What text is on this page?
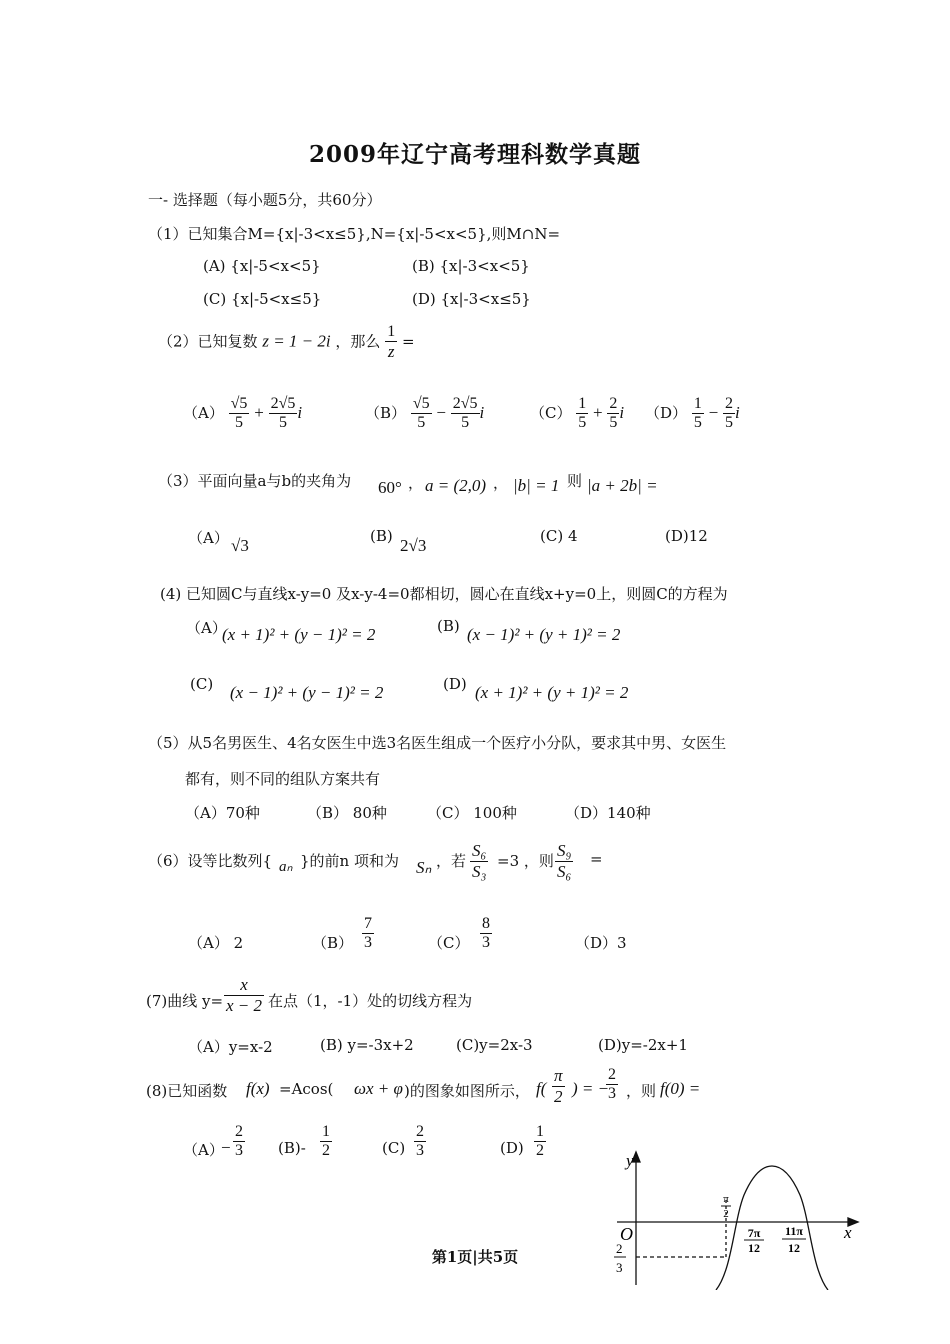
2009年辽宁高考理科数学真题
一- 选择题（每小题5分，共60分）
（1）已知集合M={x|-3<x≤5},N={x|-5<x<5},则M∩N=
(A) {x|-5<x<5}	(B) {x|-3<x<5}
(C) {x|-5<x≤5}	(D) {x|-3<x≤5}
（2）已知复数 z = 1 − 2i ，那么 $\frac{1}{z}$ =
$(A) \frac{√5}{5} + \frac{2√5}{5}$ i	$(B) \frac{√5}{5} - \frac{2√5}{5}$ i	$(C) \frac{1}{5} + \frac{2}{5}$ i $(D) \frac{1}{5} - \frac{2}{5}$ i
（3）平面向量a与b的夹角为 60° ， a = (2,0) ， |b| = 1 则 |a + 2b| =
（A） √3	(B) 2√3	(C) 4	(D)12
(4) 已知圆C与直线x-y=0 及x-y-4=0都相切，圆心在直线x+y=0上，则圆C的方程为
（A）
(x + 1)² + (y − 1)² = 2	(B) (x − 1)² + (y + 1)² = 2
(C) (x − 1)² + (y − 1)² = 2	(D) (x + 1)² + (y + 1)² = 2
（5）从5名男医生、4名女医生中选3名医生组成一个医疗小分队，要求其中男、女医生
都有，则不同的组队方案共有
（A）70种	（B） 80种	（C） 100种	（D）140种
（6）设等比数列{ aₙ }的前n 项和为 Sₙ ，若 $\frac{\text{S₆}}{\text{S₃}} =3$ ，则 $\frac{\text{S₉}}{\text{S₆}}$ =
（A） 2	$(B) \frac{7}{3}$	$(C) \frac{8}{3}$	（D）3
(7)曲线 $y= \frac{x}{x - 2}$ 在点（1，-1）处的切线方程为
（A）y=x-2	(B) y=-3x+2	(C)y=2x-3	(D)y=-2x+1
(8)已知函数 f(x) =Acos( ωx + φ )的图象如图所示， $f( \frac{\pi}{2}$ ) = −
$\frac{2}{3}$ ，则 f(0) =
（A）
− $\frac{2}{3} (B)- \frac{1}{2}$	$(C) \frac{2}{3}$	$(D) \frac{1}{2}$	y
x
O
π
2
7π
12
11π
12
2
3
第1页|共5页
